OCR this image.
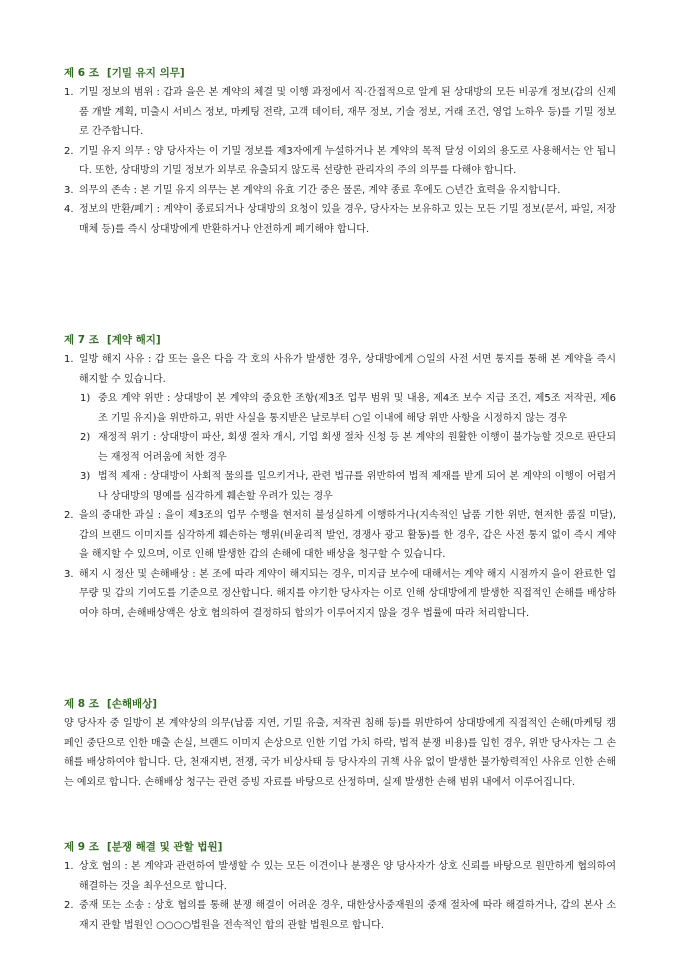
제 6 조 [기밀 유지 의무]
1. 기밀 정보의 범위 : 갑과 을은 본 계약의 체결 및 이행 과정에서 직·간접적으로 알게 된 상대방의 모든 비공개 정보(갑의 신제품 개발 계획, 미출시 서비스 정보, 마케팅 전략, 고객 데이터, 재무 정보, 기술 정보, 거래 조건, 영업 노하우 등)를 기밀 정보로 간주합니다.
2. 기밀 유지 의무 : 양 당사자는 이 기밀 정보를 제3자에게 누설하거나 본 계약의 목적 달성 이외의 용도로 사용해서는 안 됩니다. 또한, 상대방의 기밀 정보가 외부로 유출되지 않도록 선량한 관리자의 주의 의무를 다해야 합니다.
3. 의무의 존속 : 본 기밀 유지 의무는 본 계약의 유효 기간 중은 물론, 계약 종료 후에도 ○년간 효력을 유지합니다.
4. 정보의 반환/폐기 : 계약이 종료되거나 상대방의 요청이 있을 경우, 당사자는 보유하고 있는 모든 기밀 정보(문서, 파일, 저장 매체 등)를 즉시 상대방에게 반환하거나 안전하게 폐기해야 합니다.
제 7 조 [계약 해지]
1. 일방 해지 사유 : 갑 또는 을은 다음 각 호의 사유가 발생한 경우, 상대방에게 ○일의 사전 서면 통지를 통해 본 계약을 즉시 해지할 수 있습니다.
1) 중요 계약 위반 : 상대방이 본 계약의 중요한 조항(제3조 업무 범위 및 내용, 제4조 보수 지급 조건, 제5조 저작권, 제6조 기밀 유지)을 위반하고, 위반 사실을 통지받은 날로부터 ○일 이내에 해당 위반 사항을 시정하지 않는 경우
2) 재정적 위기 : 상대방이 파산, 회생 절차 개시, 기업 회생 절차 신청 등 본 계약의 원활한 이행이 불가능할 것으로 판단되는 재정적 어려움에 처한 경우
3) 법적 제재 : 상대방이 사회적 물의를 일으키거나, 관련 법규를 위반하여 법적 제재를 받게 되어 본 계약의 이행이 어렵거나 상대방의 명예를 심각하게 훼손할 우려가 있는 경우
2. 을의 중대한 과실 : 을이 제3조의 업무 수행을 현저히 불성실하게 이행하거나(지속적인 납품 기한 위반, 현저한 품질 미달), 갑의 브랜드 이미지를 심각하게 훼손하는 행위(비윤리적 발언, 경쟁사 광고 활동)를 한 경우, 갑은 사전 통지 없이 즉시 계약을 해지할 수 있으며, 이로 인해 발생한 갑의 손해에 대한 배상을 청구할 수 있습니다.
3. 해지 시 정산 및 손해배상 : 본 조에 따라 계약이 해지되는 경우, 미지급 보수에 대해서는 계약 해지 시점까지 을이 완료한 업무량 및 갑의 기여도를 기준으로 정산합니다. 해지를 야기한 당사자는 이로 인해 상대방에게 발생한 직접적인 손해를 배상하여야 하며, 손해배상액은 상호 협의하여 결정하되 합의가 이루어지지 않을 경우 법률에 따라 처리합니다.
제 8 조 [손해배상]

양 당사자 중 일방이 본 계약상의 의무(납품 지연, 기밀 유출, 저작권 침해 등)를 위반하여 상대방에게 직접적인 손해(마케팅 캠페인 중단으로 인한 매출 손실, 브랜드 이미지 손상으로 인한 기업 가치 하락, 법적 분쟁 비용)를 입힌 경우, 위반 당사자는 그 손해를 배상하여야 합니다. 단, 천재지변, 전쟁, 국가 비상사태 등 당사자의 귀책 사유 없이 발생한 불가항력적인 사유로 인한 손해는 예외로 합니다. 손해배상 청구는 관련 증빙 자료를 바탕으로 산정하며, 실제 발생한 손해 범위 내에서 이루어집니다.

제 9 조 [분쟁 해결 및 관할 법원]
1. 상호 협의 : 본 계약과 관련하여 발생할 수 있는 모든 이견이나 분쟁은 양 당사자가 상호 신뢰를 바탕으로 원만하게 협의하여 해결하는 것을 최우선으로 합니다.
2. 중재 또는 소송 : 상호 협의를 통해 분쟁 해결이 어려운 경우, 대한상사중재원의 중재 절차에 따라 해결하거나, 갑의 본사 소재지 관할 법원인 ○○○○법원을 전속적인 합의 관할 법원으로 합니다.
